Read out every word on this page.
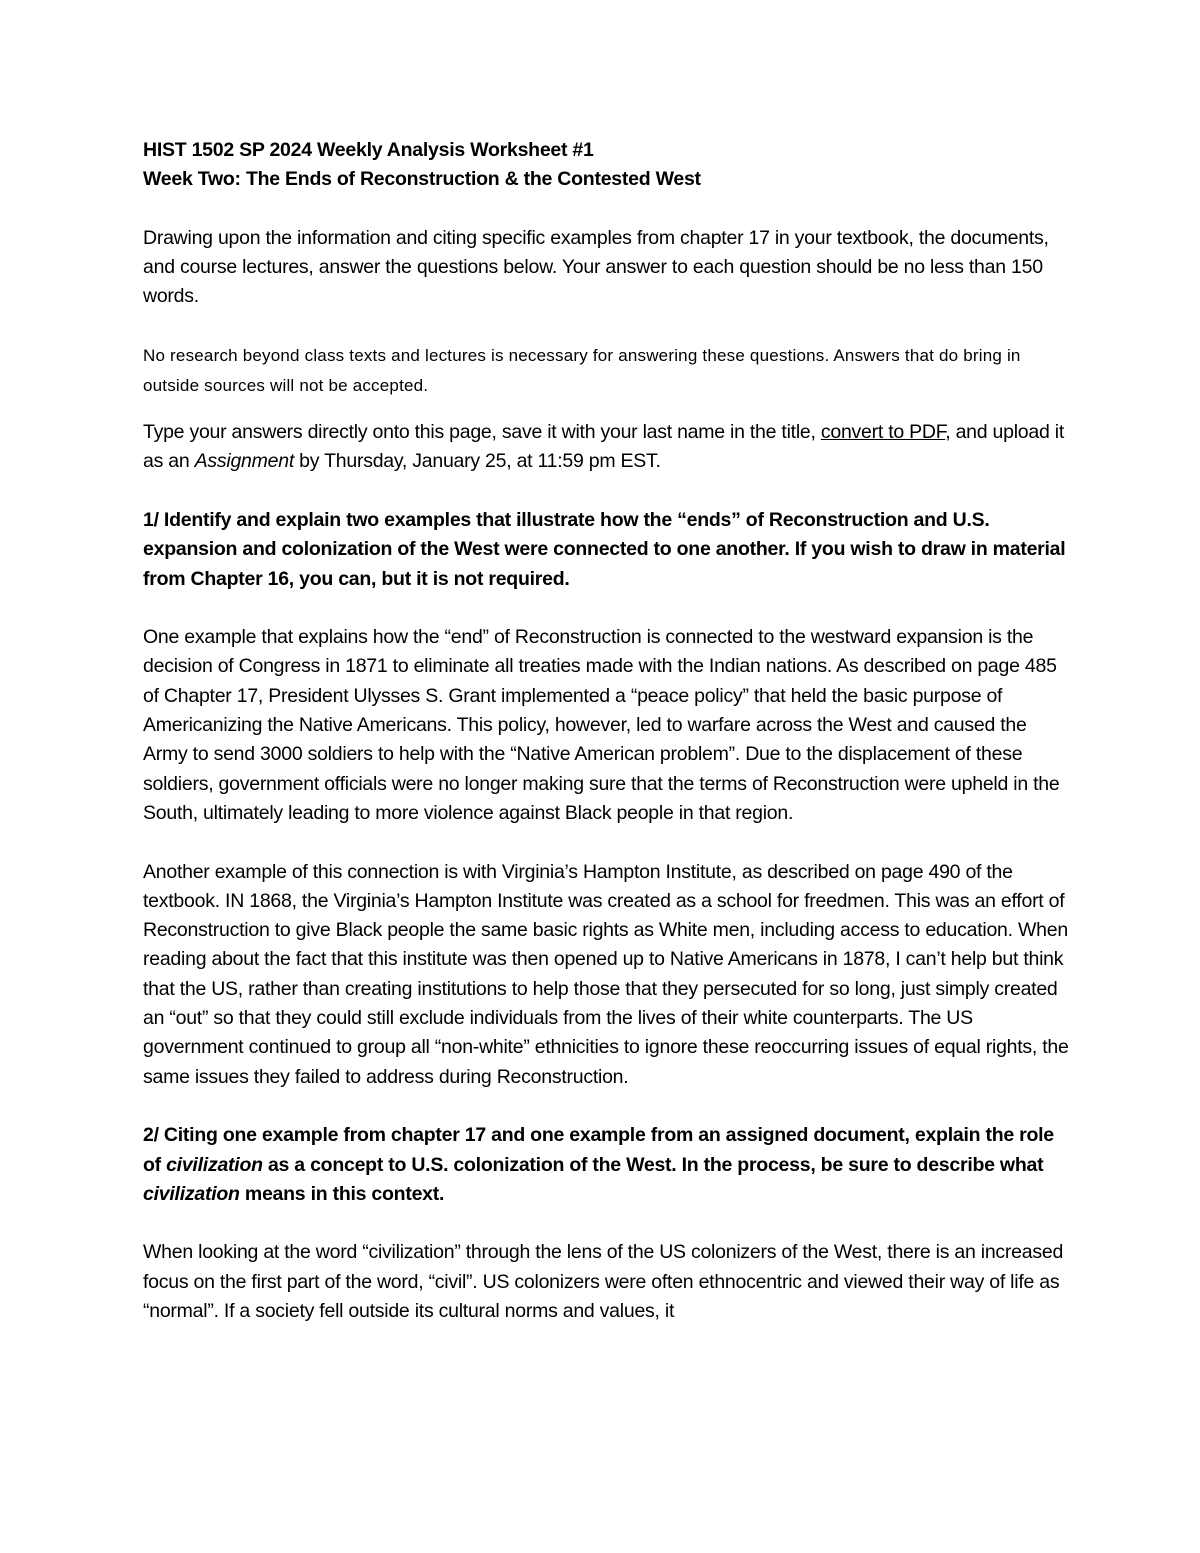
HIST 1502 SP 2024 Weekly Analysis Worksheet #1

Week Two: The Ends of Reconstruction & the Contested West

Drawing upon the information and citing specific examples from chapter 17 in your textbook, the documents, and course lectures, answer the questions below. Your answer to each question should be no less than 150 words.

No research beyond class texts and lectures is necessary for answering these questions. Answers that do bring in outside sources will not be accepted.

Type your answers directly onto this page, save it with your last name in the title, convert to PDF, and upload it as an Assignment by Thursday, January 25, at 11:59 pm EST.

1/ Identify and explain two examples that illustrate how the “ends” of Reconstruction and U.S. expansion and colonization of the West were connected to one another. If you wish to draw in material from Chapter 16, you can, but it is not required.

One example that explains how the “end” of Reconstruction is connected to the westward expansion is the decision of Congress in 1871 to eliminate all treaties made with the Indian nations. As described on page 485 of Chapter 17, President Ulysses S. Grant implemented a “peace policy” that held the basic purpose of Americanizing the Native Americans. This policy, however, led to warfare across the West and caused the Army to send 3000 soldiers to help with the “Native American problem”. Due to the displacement of these soldiers, government officials were no longer making sure that the terms of Reconstruction were upheld in the South, ultimately leading to more violence against Black people in that region.

Another example of this connection is with Virginia’s Hampton Institute, as described on page 490 of the textbook. IN 1868, the Virginia’s Hampton Institute was created as a school for freedmen. This was an effort of Reconstruction to give Black people the same basic rights as White men, including access to education. When reading about the fact that this institute was then opened up to Native Americans in 1878, I can’t help but think that the US, rather than creating institutions to help those that they persecuted for so long, just simply created an “out” so that they could still exclude individuals from the lives of their white counterparts. The US government continued to group all “non-white” ethnicities to ignore these reoccurring issues of equal rights, the same issues they failed to address during Reconstruction.

2/ Citing one example from chapter 17 and one example from an assigned document, explain the role of civilization as a concept to U.S. colonization of the West. In the process, be sure to describe what civilization means in this context.

When looking at the word “civilization” through the lens of the US colonizers of the West, there is an increased focus on the first part of the word, “civil”. US colonizers were often ethnocentric and viewed their way of life as “normal”. If a society fell outside its cultural norms and values, it
